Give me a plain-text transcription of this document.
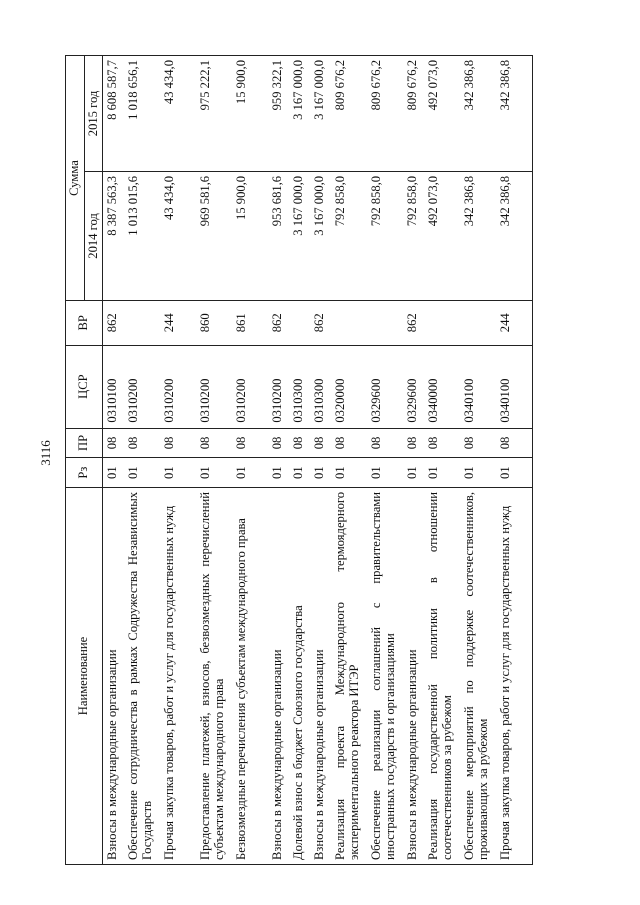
3116
Наименование	Рз	ПР	ЦСР	ВР	Сумма	
					2014 год	2015 год
Взносы в международные организации	01	08	0310100	862	8 387 563,3	8 608 587,7
Обеспечение сотрудничества в рамках Содружества Независимых Государств	01	08	0310200		1 013 015,6	1 018 656,1
Прочая закупка товаров, работ и услуг для государственных нужд	01	08	0310200	244	43 434,0	43 434,0
Предоставление платежей, взносов, безвозмездных перечислений субъектам международного права	01	08	0310200	860	969 581,6	975 222,1
Безвозмездные перечисления субъектам международного права	01	08	0310200	861	15 900,0	15 900,0
Взносы в международные организации	01	08	0310200	862	953 681,6	959 322,1
Долевой взнос в бюджет Союзного государства	01	08	0310300		3 167 000,0	3 167 000,0
Взносы в международные организации	01	08	0310300	862	3 167 000,0	3 167 000,0
Реализация проекта Международного термоядерного экспериментального реактора ИТЭР	01	08	0320000		792 858,0	809 676,2
Обеспечение реализации соглашений с правительствами иностранных государств и организациями	01	08	0329600		792 858,0	809 676,2
Взносы в международные организации	01	08	0329600	862	792 858,0	809 676,2
Реализация государственной политики в отношении соотечественников за рубежом	01	08	0340000		492 073,0	492 073,0
Обеспечение мероприятий по поддержке соотечественников, проживающих за рубежом	01	08	0340100		342 386,8	342 386,8
Прочая закупка товаров, работ и услуг для государственных нужд	01	08	0340100	244	342 386,8	342 386,8
